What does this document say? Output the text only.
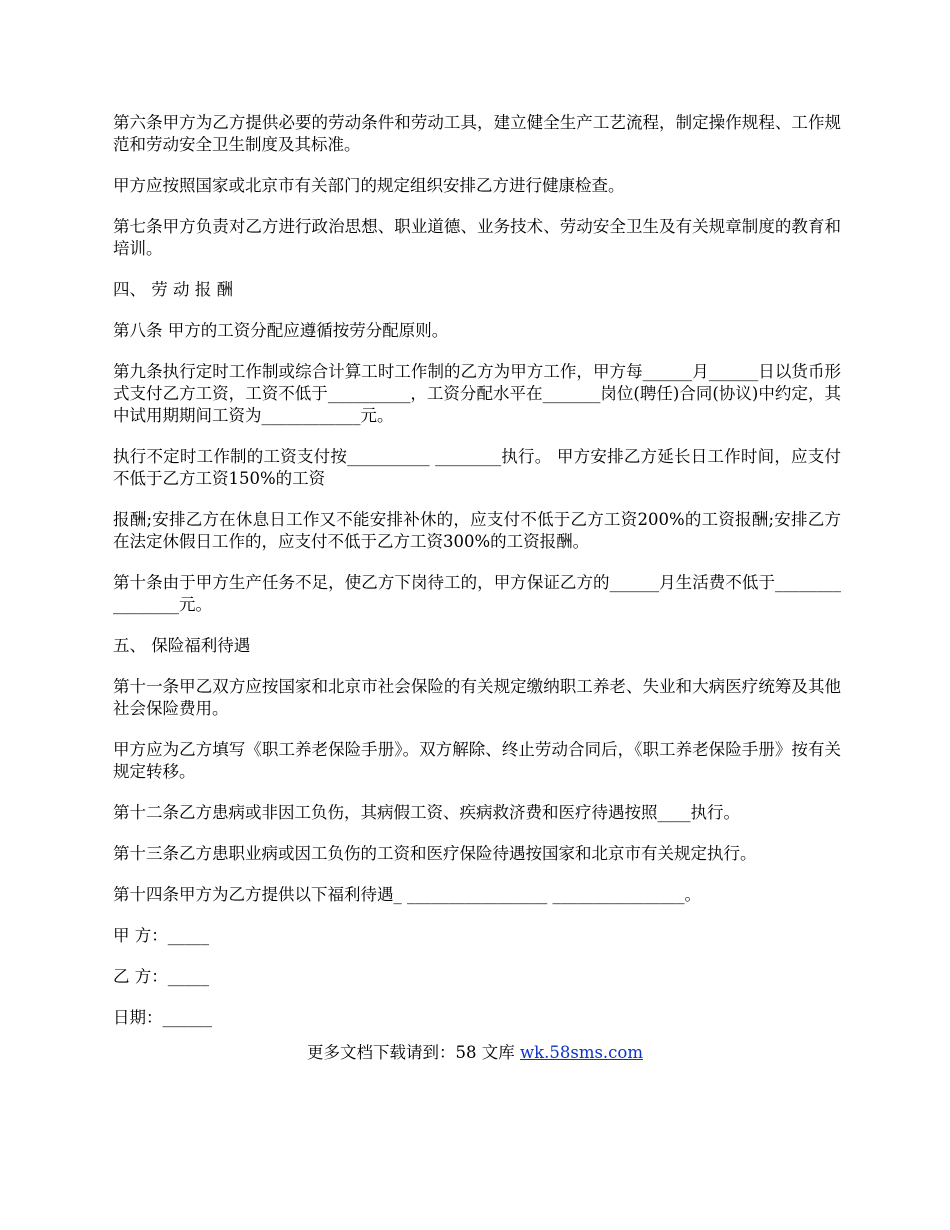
第六条甲方为乙方提供必要的劳动条件和劳动工具，建立健全生产工艺流程，制定操作规程、工作规范和劳动安全卫生制度及其标准。

甲方应按照国家或北京市有关部门的规定组织安排乙方进行健康检查。

第七条甲方负责对乙方进行政治思想、职业道德、业务技术、劳动安全卫生及有关规章制度的教育和培训。

四、 劳 动 报 酬

第八条 甲方的工资分配应遵循按劳分配原则。

第九条执行定时工作制或综合计算工时工作制的乙方为甲方工作，甲方每______月______日以货币形式支付乙方工资，工资不低于__________，工资分配水平在_______岗位(聘任)合同(协议)中约定，其中试用期期间工资为____________元。

执行不定时工作制的工资支付按__________ ________执行。 甲方安排乙方延长日工作时间，应支付不低于乙方工资150%的工资

报酬;安排乙方在休息日工作又不能安排补休的，应支付不低于乙方工资200%的工资报酬;安排乙方在法定休假日工作的，应支付不低于乙方工资300%的工资报酬。

第十条由于甲方生产任务不足，使乙方下岗待工的，甲方保证乙方的______月生活费不低于________________元。

五、 保险福利待遇

第十一条甲乙双方应按国家和北京市社会保险的有关规定缴纳职工养老、失业和大病医疗统筹及其他社会保险费用。

甲方应为乙方填写《职工养老保险手册》。双方解除、终止劳动合同后，《职工养老保险手册》按有关规定转移。

第十二条乙方患病或非因工负伤，其病假工资、疾病救济费和医疗待遇按照____执行。

第十三条乙方患职业病或因工负伤的工资和医疗保险待遇按国家和北京市有关规定执行。

第十四条甲方为乙方提供以下福利待遇_ _________________ ________________。

甲 方：_____

乙 方：_____

日期：______

更多文档下载请到：58 文库 wk.58sms.com
